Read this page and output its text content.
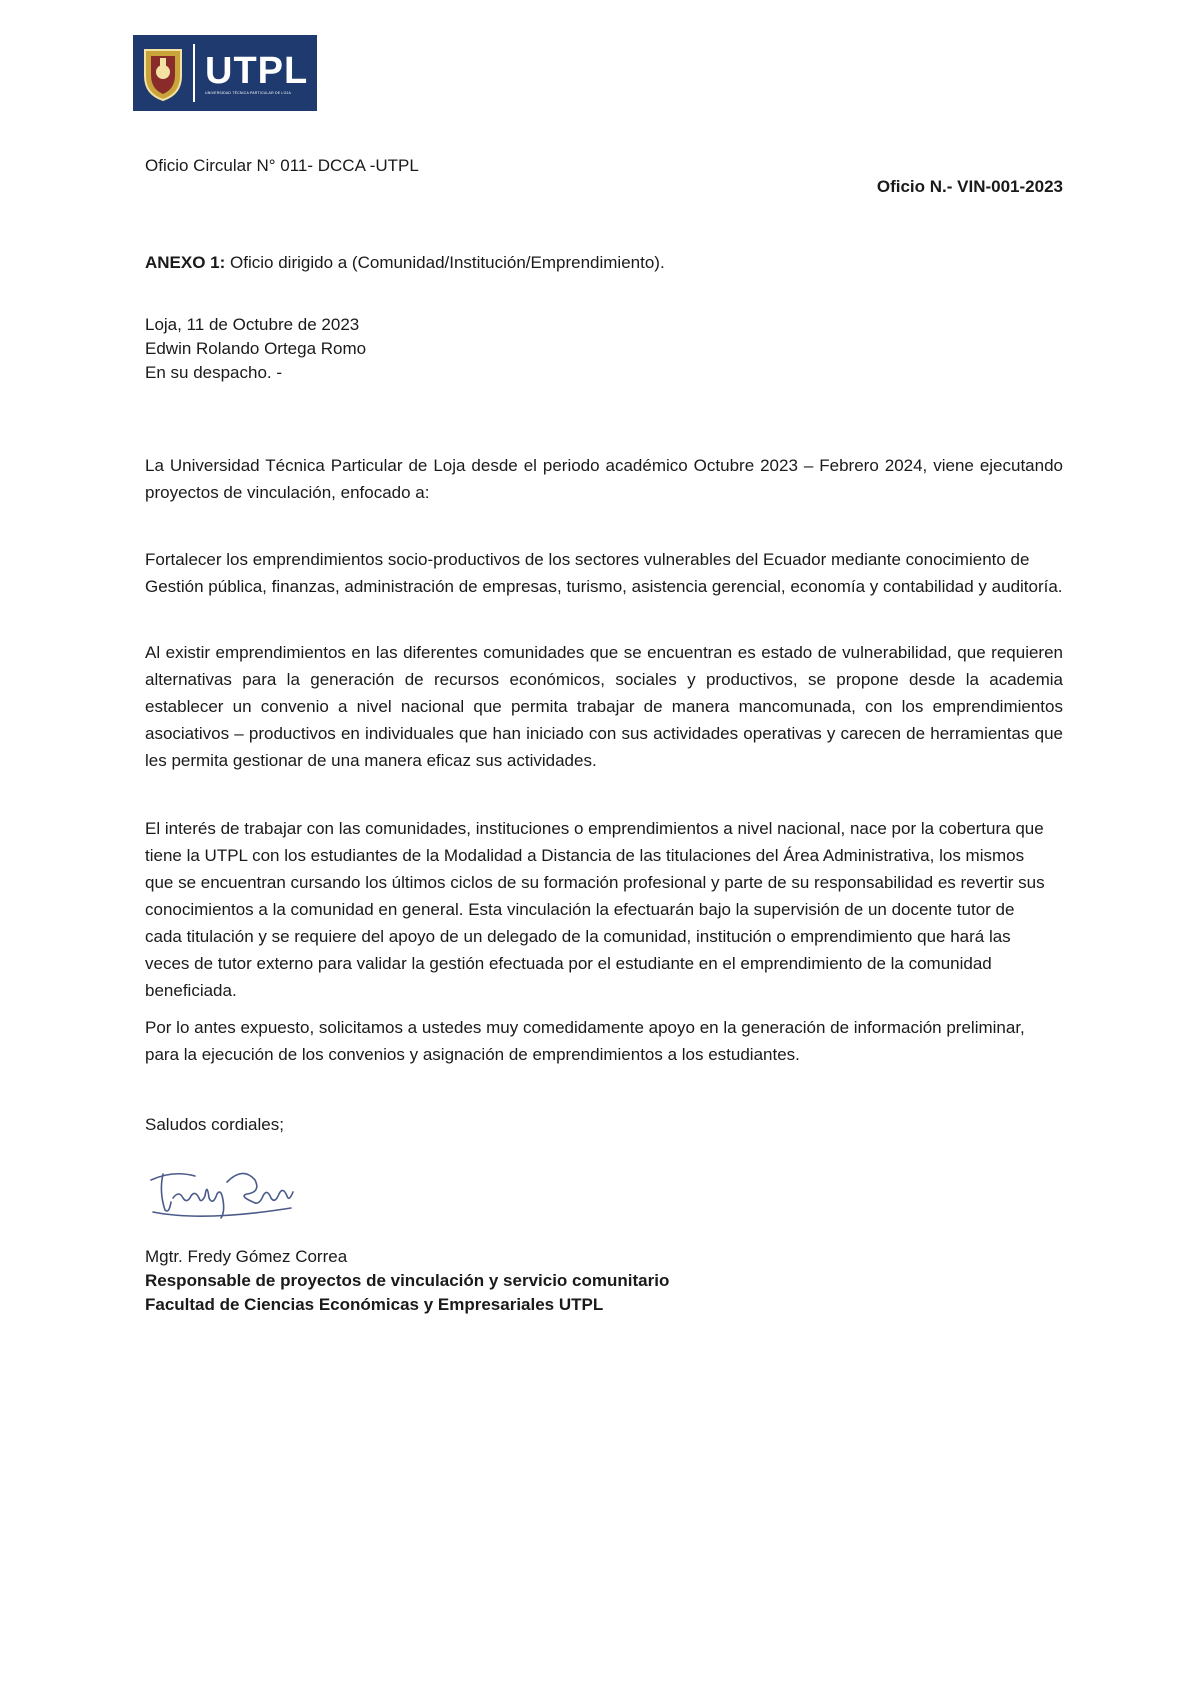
UTPL
UNIVERSIDAD TÉCNICA PARTICULAR DE LOJA
Oficio Circular N° 011- DCCA -UTPL
Oficio N.- VIN-001-2023
ANEXO 1: Oficio dirigido a (Comunidad/Institución/Emprendimiento).
Loja, 11 de Octubre de 2023
Edwin Rolando Ortega Romo
En su despacho. -

La Universidad Técnica Particular de Loja desde el periodo académico Octubre 2023 – Febrero 2024, viene ejecutando proyectos de vinculación, enfocado a:

Fortalecer los emprendimientos socio-productivos de los sectores vulnerables del Ecuador mediante conocimiento de Gestión pública, finanzas, administración de empresas, turismo, asistencia gerencial, economía y contabilidad y auditoría.

Al existir emprendimientos en las diferentes comunidades que se encuentran es estado de vulnerabilidad, que requieren alternativas para la generación de recursos económicos, sociales y productivos, se propone desde la academia establecer un convenio a nivel nacional que permita trabajar de manera mancomunada, con los emprendimientos asociativos – productivos en individuales que han iniciado con sus actividades operativas y carecen de herramientas que les permita gestionar de una manera eficaz sus actividades.

El interés de trabajar con las comunidades, instituciones o emprendimientos a nivel nacional, nace por la cobertura que tiene la UTPL con los estudiantes de la Modalidad a Distancia de las titulaciones del Área Administrativa, los mismos que se encuentran cursando los últimos ciclos de su formación profesional y parte de su responsabilidad es revertir sus conocimientos a la comunidad en general. Esta vinculación la efectuarán bajo la supervisión de un docente tutor de cada titulación y se requiere del apoyo de un delegado de la comunidad, institución o emprendimiento que hará las veces de tutor externo para validar la gestión efectuada por el estudiante en el emprendimiento de la comunidad beneficiada.

Por lo antes expuesto, solicitamos a ustedes muy comedidamente apoyo en la generación de información preliminar, para la ejecución de los convenios y asignación de emprendimientos a los estudiantes.

Saludos cordiales;
Mgtr. Fredy Gómez Correa
Responsable de proyectos de vinculación y servicio comunitario
Facultad de Ciencias Económicas y Empresariales UTPL
